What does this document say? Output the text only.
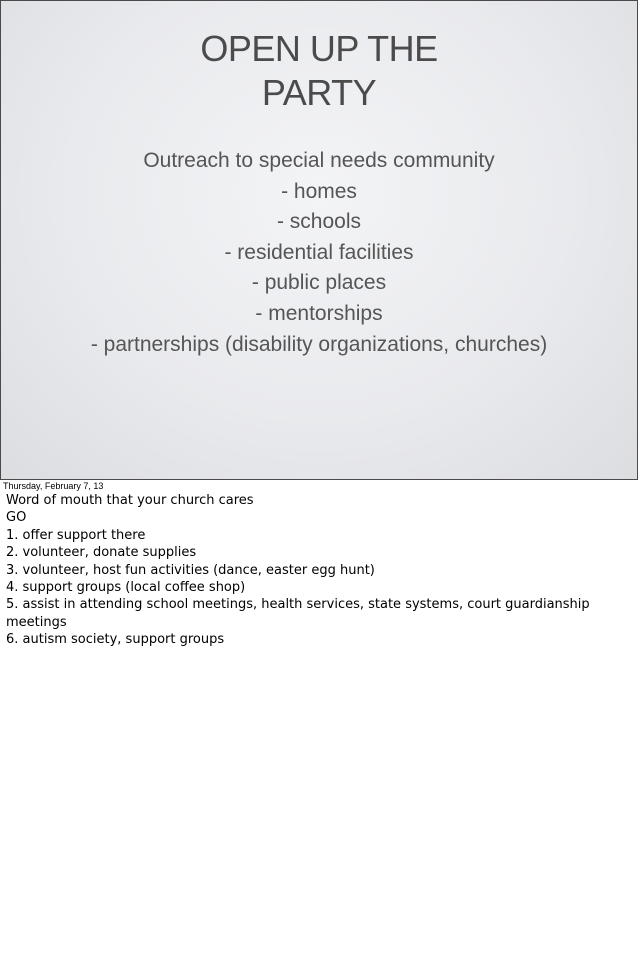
OPEN UP THE
PARTY
Outreach to special needs community
- homes
- schools
- residential facilities
- public places
- mentorships
- partnerships (disability organizations, churches)
Thursday, February 7, 13
Word of mouth that your church cares
GO
1. offer support there
2. volunteer, donate supplies
3. volunteer, host fun activities (dance, easter egg hunt)
4. support groups (local coffee shop)
5. assist in attending school meetings, health services, state systems, court guardianship
meetings
6. autism society, support groups
